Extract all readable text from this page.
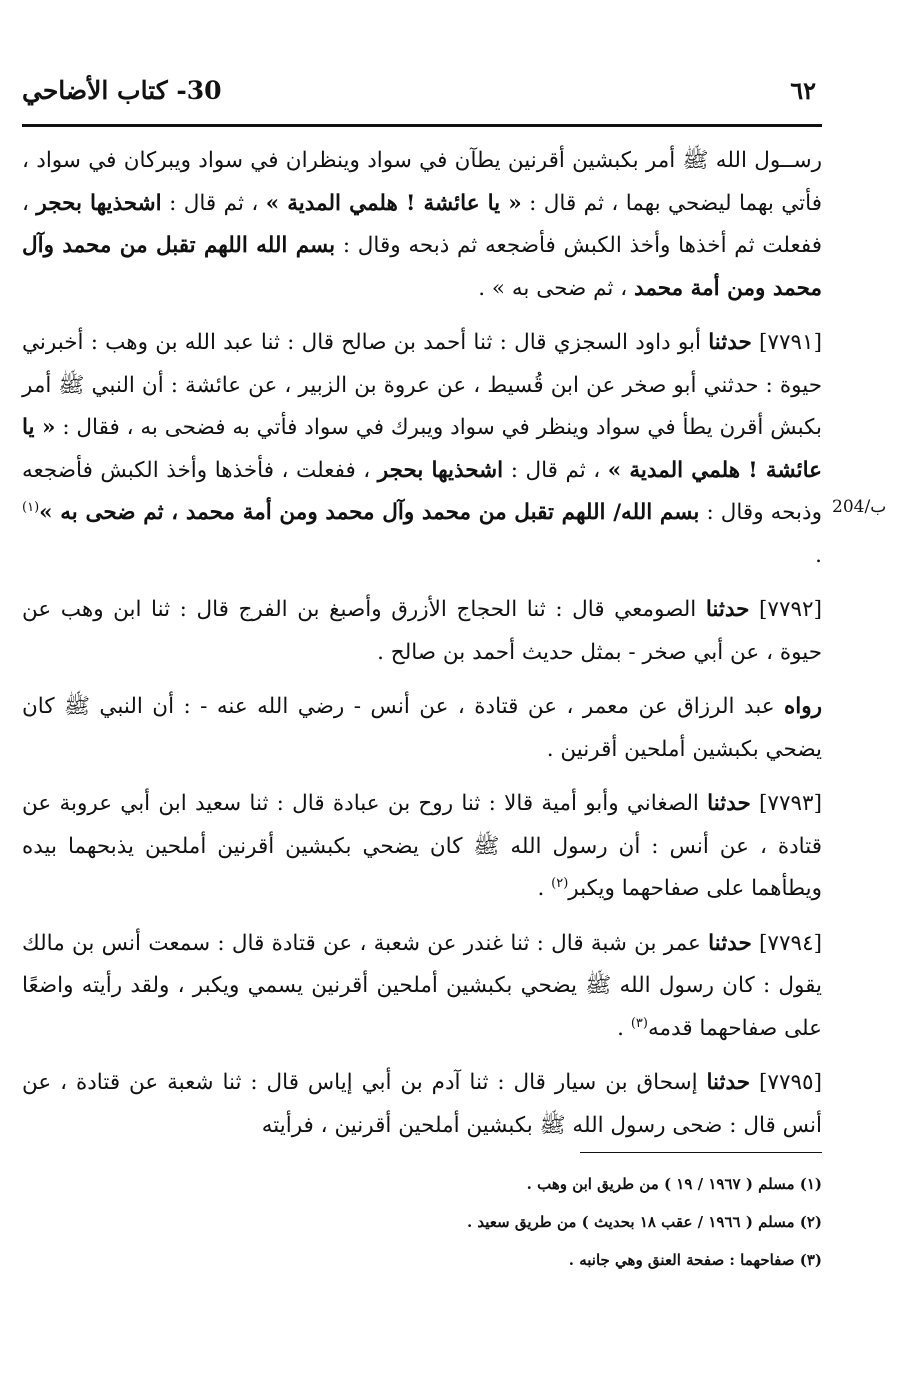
٦٢
30- كتاب الأضاحي

رســول الله ﷺ أمر بكبشين أقرنين يطآن في سواد وينظران في سواد ويبركان في سواد ، فأتي بهما ليضحي بهما ، ثم قال : « يا عائشة ! هلمي المدية » ، ثم قال : اشحذيها بحجر ، ففعلت ثم أخذها وأخذ الكبش فأضجعه ثم ذبحه وقال : بسم الله اللهم تقبل من محمد وآل محمد ومن أمة محمد ، ثم ضحى به » .

[٧٧٩١] حدثنا أبو داود السجزي قال : ثنا أحمد بن صالح قال : ثنا عبد الله بن وهب : أخبرني حيوة : حدثني أبو صخر عن ابن قُسيط ، عن عروة بن الزبير ، عن عائشة : أن النبي ﷺ أمر بكبش أقرن يطأ في سواد وينظر في سواد ويبرك في سواد فأتي به فضحى به ، فقال : « يا عائشة ! هلمي المدية » ، ثم قال : اشحذيها بحجر ، ففعلت ، فأخذها وأخذ الكبش فأضجعه وذبحه وقال : بسم الله/ اللهم تقبل من محمد وآل محمد ومن أمة محمد ، ثم ضحى به »$^{(١)}$ .

[٧٧٩٢] حدثنا الصومعي قال : ثنا الحجاج الأزرق وأصبغ بن الفرج قال : ثنا ابن وهب عن حيوة ، عن أبي صخر - بمثل حديث أحمد بن صالح .

رواه عبد الرزاق عن معمر ، عن قتادة ، عن أنس - رضي الله عنه - : أن النبي ﷺ كان يضحي بكبشين أملحين أقرنين .

[٧٧٩٣] حدثنا الصغاني وأبو أمية قالا : ثنا روح بن عبادة قال : ثنا سعيد ابن أبي عروبة عن قتادة ، عن أنس : أن رسول الله ﷺ كان يضحي بكبشين أقرنين أملحين يذبحهما بيده ويطأهما على صفاحهما ويكبر$^{(٢)}$ .

[٧٧٩٤] حدثنا عمر بن شبة قال : ثنا غندر عن شعبة ، عن قتادة قال : سمعت أنس بن مالك يقول : كان رسول الله ﷺ يضحي بكبشين أملحين أقرنين يسمي ويكبر ، ولقد رأيته واضعًا على صفاحهما قدمه$^{(٣)}$ .

[٧٧٩٥] حدثنا إسحاق بن سيار قال : ثنا آدم بن أبي إياس قال : ثنا شعبة عن قتادة ، عن أنس قال : ضحى رسول الله ﷺ بكبشين أملحين أقرنين ، فرأيته

204/ب
(١) مسلم ( ١٩٦٧ / ١٩ ) من طريق ابن وهب .
(٢) مسلم ( ١٩٦٦ / عقب ١٨ بحديث ) من طريق سعيد .
(٣) صفاحهما : صفحة العنق وهي جانبه .
